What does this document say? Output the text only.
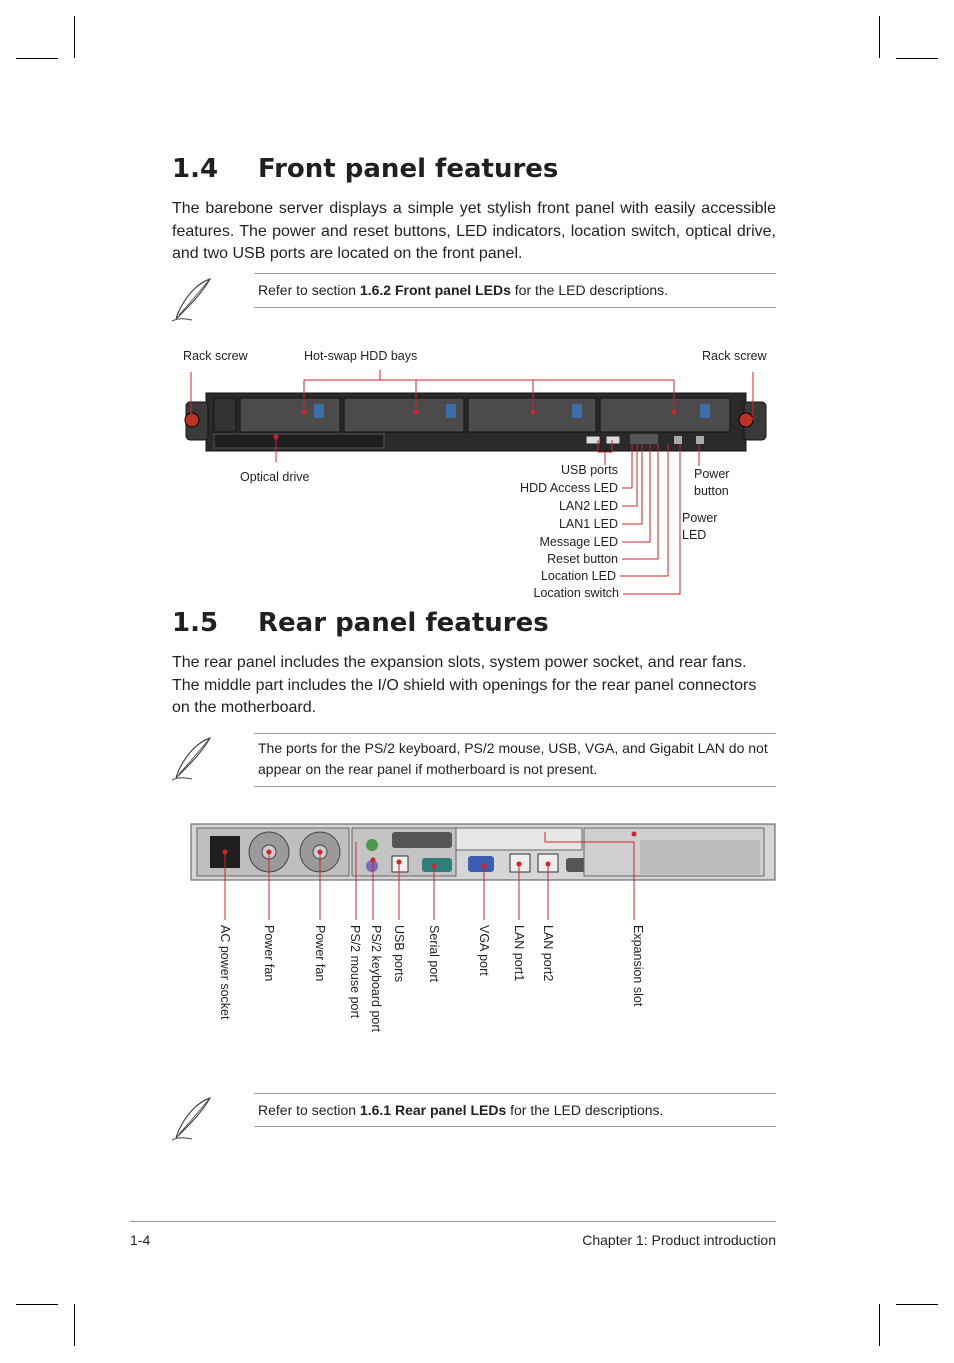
1.4 Front panel features

The barebone server displays a simple yet stylish front panel with easily accessible features. The power and reset buttons, LED indicators, location switch, optical drive, and two USB ports are located on the front panel.

Refer to section 1.6.2 Front panel LEDs for the LED descriptions.
Rack screw	Hot-swap HDD bays	Rack screw
Optical drive	USB ports
HDD Access LED
LAN2 LED
LAN1 LED
Message LED
Reset button
Location LED
Location switch
Power
button
Power
LED
1.5 Rear panel features

The rear panel includes the expansion slots, system power socket, and rear fans. The middle part includes the I/O shield with openings for the rear panel connectors on the motherboard.

The ports for the PS/2 keyboard, PS/2 mouse, USB, VGA, and Gigabit LAN do not appear on the rear panel if motherboard is not present.
AC power socket Power fan	Power fan PS/2 mouse port PS/2 keyboard port USB ports Serial port	VGA port LAN port1 LAN port2	Expansion slot
Refer to section 1.6.1 Rear panel LEDs for the LED descriptions.
1-4	Chapter 1: Product introduction
